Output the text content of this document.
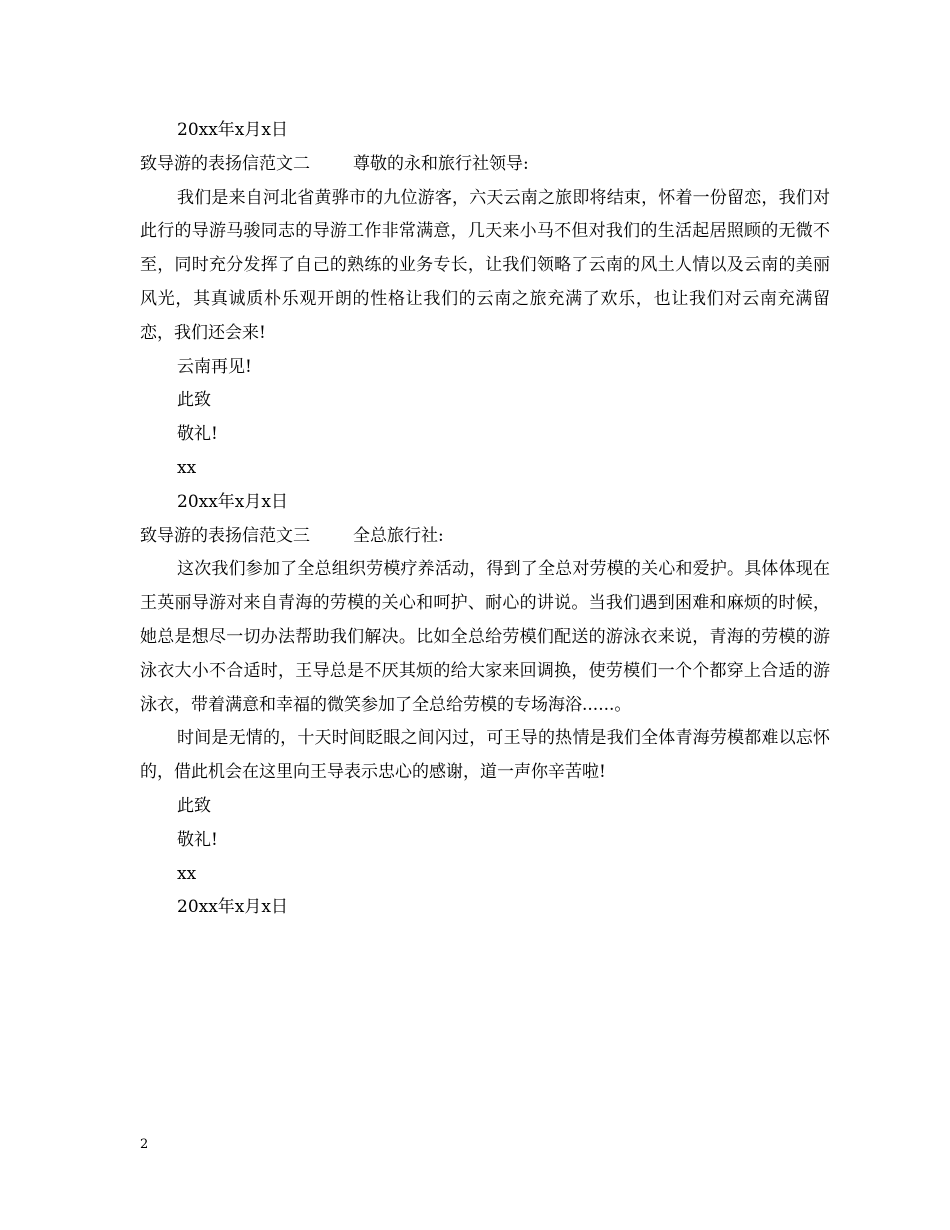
20xx年x月x日
致导游的表扬信范文二	尊敬的永和旅行社领导:

我们是来自河北省黄骅市的九位游客，六天云南之旅即将结束，怀着一份留恋，我们对此行的导游马骏同志的导游工作非常满意，几天来小马不但对我们的生活起居照顾的无微不至，同时充分发挥了自己的熟练的业务专长，让我们领略了云南的风土人情以及云南的美丽风光，其真诚质朴乐观开朗的性格让我们的云南之旅充满了欢乐，也让我们对云南充满留恋，我们还会来!

云南再见!
此致
敬礼!
xx
20xx年x月x日
致导游的表扬信范文三	全总旅行社:

这次我们参加了全总组织劳模疗养活动，得到了全总对劳模的关心和爱护。具体体现在王英丽导游对来自青海的劳模的关心和呵护、耐心的讲说。当我们遇到困难和麻烦的时候，她总是想尽一切办法帮助我们解决。比如全总给劳模们配送的游泳衣来说，青海的劳模的游泳衣大小不合适时，王导总是不厌其烦的给大家来回调换，使劳模们一个个都穿上合适的游泳衣，带着满意和幸福的微笑参加了全总给劳模的专场海浴......。

时间是无情的，十天时间眨眼之间闪过，可王导的热情是我们全体青海劳模都难以忘怀的，借此机会在这里向王导表示忠心的感谢，道一声你辛苦啦!

此致
敬礼!
xx
20xx年x月x日
2
